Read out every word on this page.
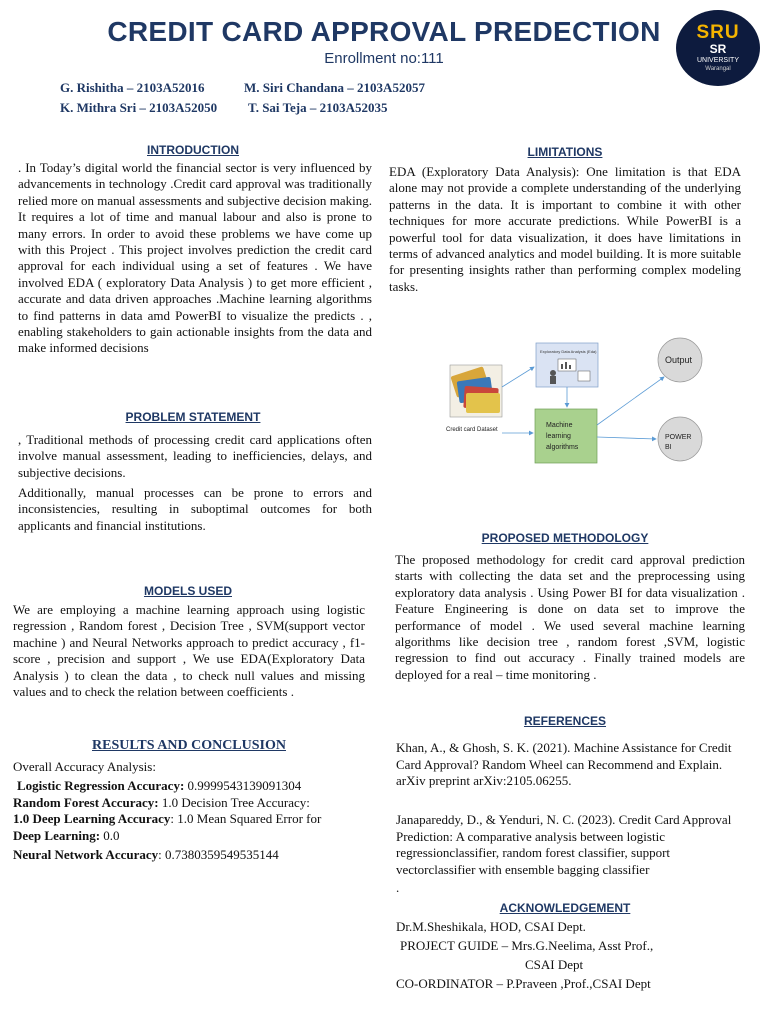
CREDIT CARD APPROVAL PREDECTION
Enrollment no:111
SRU
SR
UNIVERSITY
Warangal
G. Rishitha – 2103A52016	M. Siri Chandana – 2103A52057
K. Mithra Sri – 2103A52050 T. Sai Teja – 2103A52035
INTRODUCTION
. In Today’s digital world the financial sector is very influenced by advancements in technology .Credit card approval was traditionally relied more on manual assessments and subjective decision making. It requires a lot of time and manual labour and also is prone to many errors. In order to avoid these problems we have come up with this Project . This project involves prediction the credit card approval for each individual using a set of features . We have involved EDA ( exploratory Data Analysis ) to get more efficient , accurate and data driven approaches .Machine learning algorithms to find patterns in data amd PowerBI to visualize the predicts . , enabling stakeholders to gain actionable insights from the data and make informed decisions
PROBLEM STATEMENT
, Traditional methods of processing credit card applications often involve manual assessment, leading to inefficiencies, delays, and subjective decisions.
Additionally, manual processes can be prone to errors and inconsistencies, resulting in suboptimal outcomes for both applicants and financial institutions.
MODELS USED
We are employing a machine learning approach using logistic regression , Random forest , Decision Tree , SVM(support vector machine ) and Neural Networks approach to predict accuracy , f1-score , precision and support , We use EDA(Exploratory Data Analysis ) to clean the data , to check null values and missing values and to check the relation between coefficients .
RESULTS AND CONCLUSION
Overall Accuracy Analysis:
Logistic Regression Accuracy: 0.9999543139091304
Random Forest Accuracy: 1.0 Decision Tree Accuracy:
1.0 Deep Learning Accuracy: 1.0 Mean Squared Error for
Deep Learning: 0.0
Neural Network Accuracy: 0.7380359549535144
LIMITATIONS
EDA (Exploratory Data Analysis): One limitation is that EDA alone may not provide a complete understanding of the underlying patterns in the data. It is important to combine it with other techniques for more accurate predictions. While PowerBI is a powerful tool for data visualization, it does have limitations in terms of advanced analytics and model building. It is more suitable for presenting insights rather than performing complex modeling tasks.
Credit card Dataset
Exploratory Data Analysis (Eda)
Machine
learning
algorithms
Output
POWER
BI
PROPOSED METHODOLOGY
The proposed methodology for credit card approval prediction starts with collecting the data set and the preprocessing using exploratory data analysis . Using Power BI for data visualization . Feature Engineering is done on data set to improve the performance of model . We used several machine learning algorithms like decision tree , random forest ,SVM, logistic regression to find out accuracy . Finally trained models are deployed for a real – time monitoring .
REFERENCES
Khan, A., & Ghosh, S. K. (2021). Machine Assistance for Credit Card Approval? Random Wheel can Recommend and Explain. arXiv preprint arXiv:2105.06255.
Janapareddy, D., & Yenduri, N. C. (2023). Credit Card Approval Prediction: A comparative analysis between logistic regressionclassifier, random forest classifier, support vectorclassifier with ensemble bagging classifier
.
ACKNOWLEDGEMENT
Dr.M.Sheshikala, HOD, CSAI Dept.
PROJECT GUIDE – Mrs.G.Neelima, Asst Prof.,
CSAI Dept
CO-ORDINATOR – P.Praveen ,Prof.,CSAI Dept
